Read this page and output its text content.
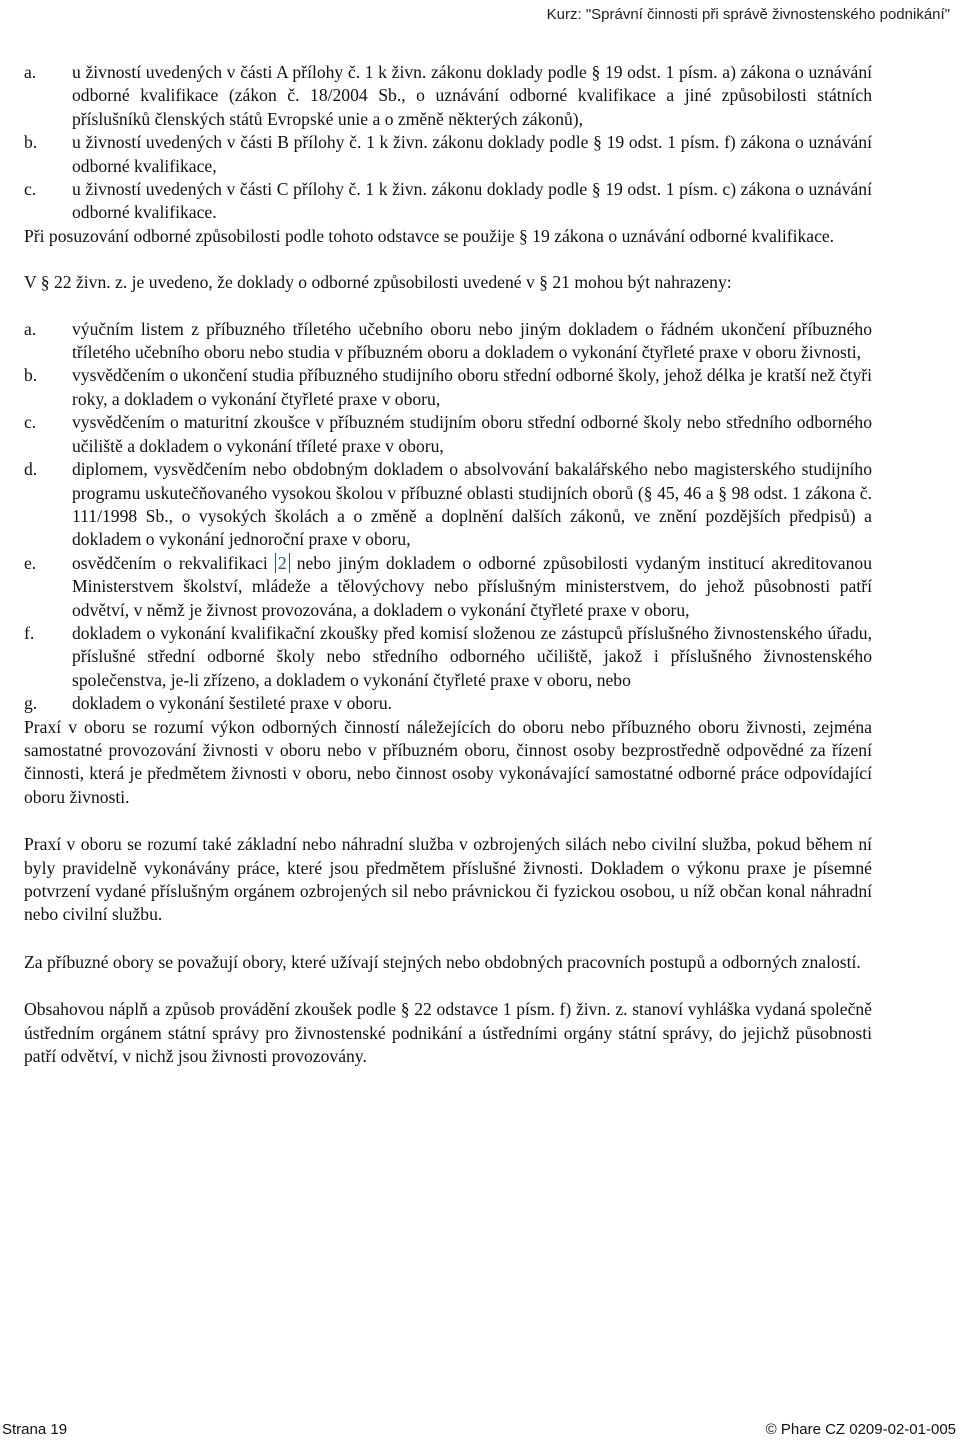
Kurz: "Správní činnosti při správě živnostenského podnikání"
a.	u živností uvedených v části A přílohy č. 1 k živn. zákonu doklady podle § 19 odst. 1 písm. a) zákona o uznávání odborné kvalifikace (zákon č. 18/2004 Sb., o uznávání odborné kvalifikace a jiné způsobilosti státních příslušníků členských států Evropské unie a o změně některých zákonů),
b.	u živností uvedených v části B přílohy č. 1 k živn. zákonu doklady podle § 19 odst. 1 písm. f) zákona o uznávání odborné kvalifikace,
c.	u živností uvedených v části C přílohy č. 1 k živn. zákonu doklady podle § 19 odst. 1 písm. c) zákona o uznávání odborné kvalifikace.

Při posuzování odborné způsobilosti podle tohoto odstavce se použije § 19 zákona o uznávání odborné kvalifikace.

V § 22 živn. z. je uvedeno, že doklady o odborné způsobilosti uvedené v § 21 mohou být nahrazeny:

a.	výučním listem z příbuzného tříletého učebního oboru nebo jiným dokladem o řádném ukončení příbuzného tříletého učebního oboru nebo studia v příbuzném oboru a dokladem o vykonání čtyřleté praxe v oboru živnosti,
b.	vysvědčením o ukončení studia příbuzného studijního oboru střední odborné školy, jehož délka je kratší než čtyři roky, a dokladem o vykonání čtyřleté praxe v oboru,
c.	vysvědčením o maturitní zkoušce v příbuzném studijním oboru střední odborné školy nebo středního odborného učiliště a dokladem o vykonání tříleté praxe v oboru,
d.	diplomem, vysvědčením nebo obdobným dokladem o absolvování bakalářského nebo magisterského studijního programu uskutečňovaného vysokou školou v příbuzné oblasti studijních oborů (§ 45, 46 a § 98 odst. 1 zákona č. 111/1998 Sb., o vysokých školách a o změně a doplnění dalších zákonů, ve znění pozdějších předpisů) a dokladem o vykonání jednoroční praxe v oboru,
e.	osvědčením o rekvalifikaci 2 nebo jiným dokladem o odborné způsobilosti vydaným institucí akreditovanou Ministerstvem školství, mládeže a tělovýchovy nebo příslušným ministerstvem, do jehož působnosti patří odvětví, v němž je živnost provozována, a dokladem o vykonání čtyřleté praxe v oboru,
f.	dokladem o vykonání kvalifikační zkoušky před komisí složenou ze zástupců příslušného živnostenského úřadu, příslušné střední odborné školy nebo středního odborného učiliště, jakož i příslušného živnostenského společenstva, je-li zřízeno, a dokladem o vykonání čtyřleté praxe v oboru, nebo
g.	dokladem o vykonání šestileté praxe v oboru.

Praxí v oboru se rozumí výkon odborných činností náležejících do oboru nebo příbuzného oboru živnosti, zejména samostatné provozování živnosti v oboru nebo v příbuzném oboru, činnost osoby bezprostředně odpovědné za řízení činnosti, která je předmětem živnosti v oboru, nebo činnost osoby vykonávající samostatné odborné práce odpovídající oboru živnosti.

Praxí v oboru se rozumí také základní nebo náhradní služba v ozbrojených silách nebo civilní služba, pokud během ní byly pravidelně vykonávány práce, které jsou předmětem příslušné živnosti. Dokladem o výkonu praxe je písemné potvrzení vydané příslušným orgánem ozbrojených sil nebo právnickou či fyzickou osobou, u níž občan konal náhradní nebo civilní službu.

Za příbuzné obory se považují obory, které užívají stejných nebo obdobných pracovních postupů a odborných znalostí.

Obsahovou náplň a způsob provádění zkoušek podle § 22 odstavce 1 písm. f) živn. z. stanoví vyhláška vydaná společně ústředním orgánem státní správy pro živnostenské podnikání a ústředními orgány státní správy, do jejichž působnosti patří odvětví, v nichž jsou živnosti provozovány.

Strana 19	© Phare CZ 0209-02-01-005
